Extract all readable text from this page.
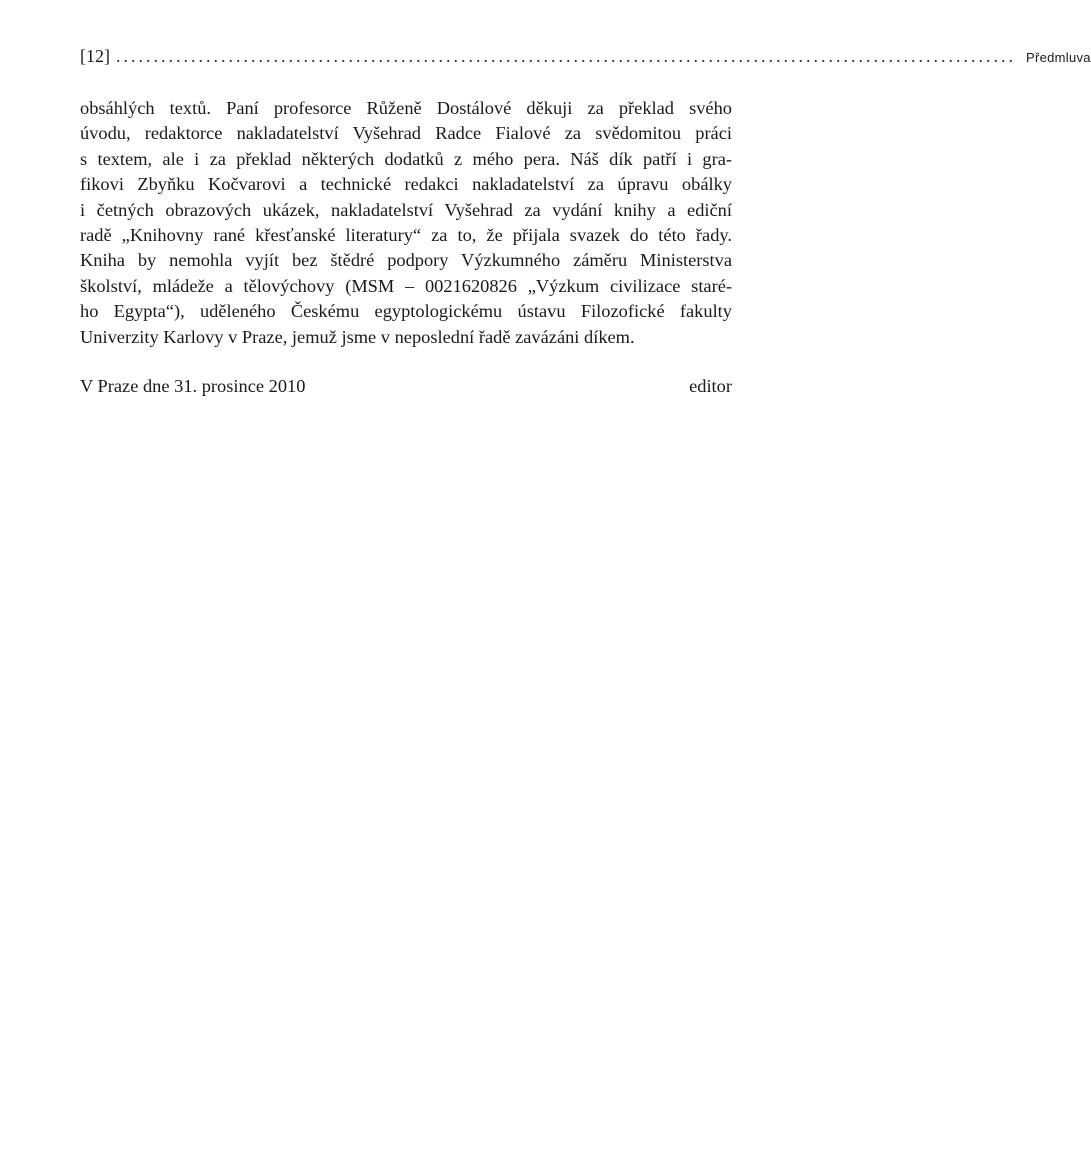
[12] ........................................................................................................................ Předmluva
obsáhlých textů. Paní profesorce Růženě Dostálové děkuji za překlad svého
úvodu, redaktorce nakladatelství Vyšehrad Radce Fialové za svědomitou práci
s textem, ale i za překlad některých dodatků z mého pera. Náš dík patří i gra-
fikovi Zbyňku Kočvarovi a technické redakci nakladatelství za úpravu obálky
i četných obrazových ukázek, nakladatelství Vyšehrad za vydání knihy a ediční
radě „Knihovny rané křesťanské literatury“ za to, že přijala svazek do této řady.
Kniha by nemohla vyjít bez štědré podpory Výzkumného záměru Ministerstva
školství, mládeže a tělovýchovy (MSM – 0021620826 „Výzkum civilizace staré-
ho Egypta“), uděleného Českému egyptologickému ústavu Filozofické fakulty
Univerzity Karlovy v Praze, jemuž jsme v neposlední řadě zavázáni díkem.
V Praze dne 31. prosince 2010	editor
